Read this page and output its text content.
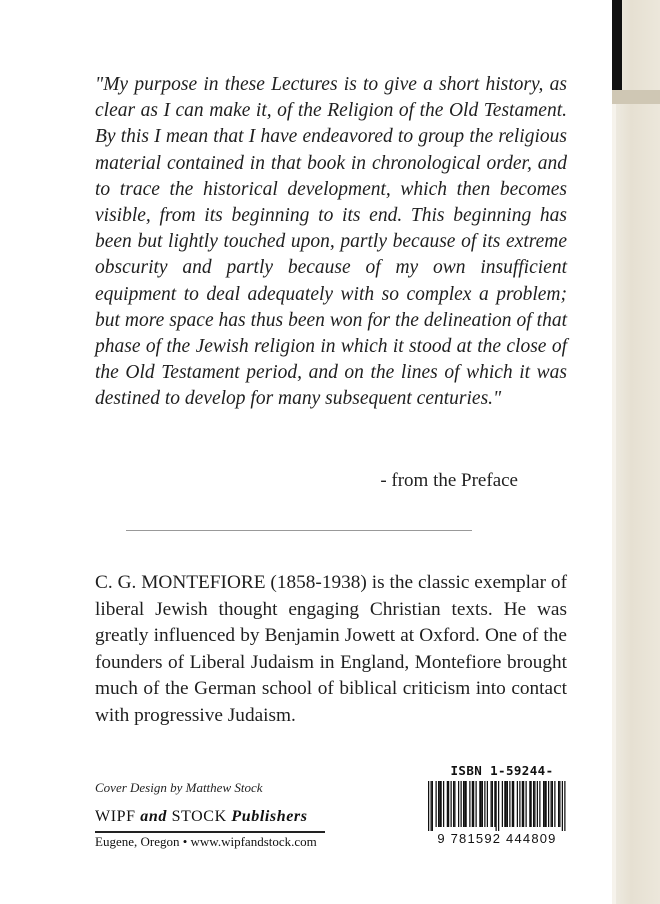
"My purpose in these Lectures is to give a short history, as clear as I can make it, of the Religion of the Old Testament. By this I mean that I have endeavored to group the religious material contained in that book in chronological order, and to trace the historical development, which then becomes visible, from its beginning to its end. This beginning has been but lightly touched upon, partly because of its extreme obscurity and partly because of my own insufficient equipment to deal adequately with so complex a problem; but more space has thus been won for the delineation of that phase of the Jewish religion in which it stood at the close of the Old Testament period, and on the lines of which it was destined to develop for many subsequent centuries."

- from the Preface

C. G. MONTEFIORE (1858-1938) is the classic exemplar of liberal Jewish thought engaging Christian texts. He was greatly influenced by Benjamin Jowett at Oxford. One of the founders of Liberal Judaism in England, Montefiore brought much of the German school of biblical criticism into contact with progressive Judaism.

Cover Design by Matthew Stock
WIPF and STOCK Publishers
Eugene, Oregon • www.wipfandstock.com
ISBN 1-59244-
9 781592 444809
